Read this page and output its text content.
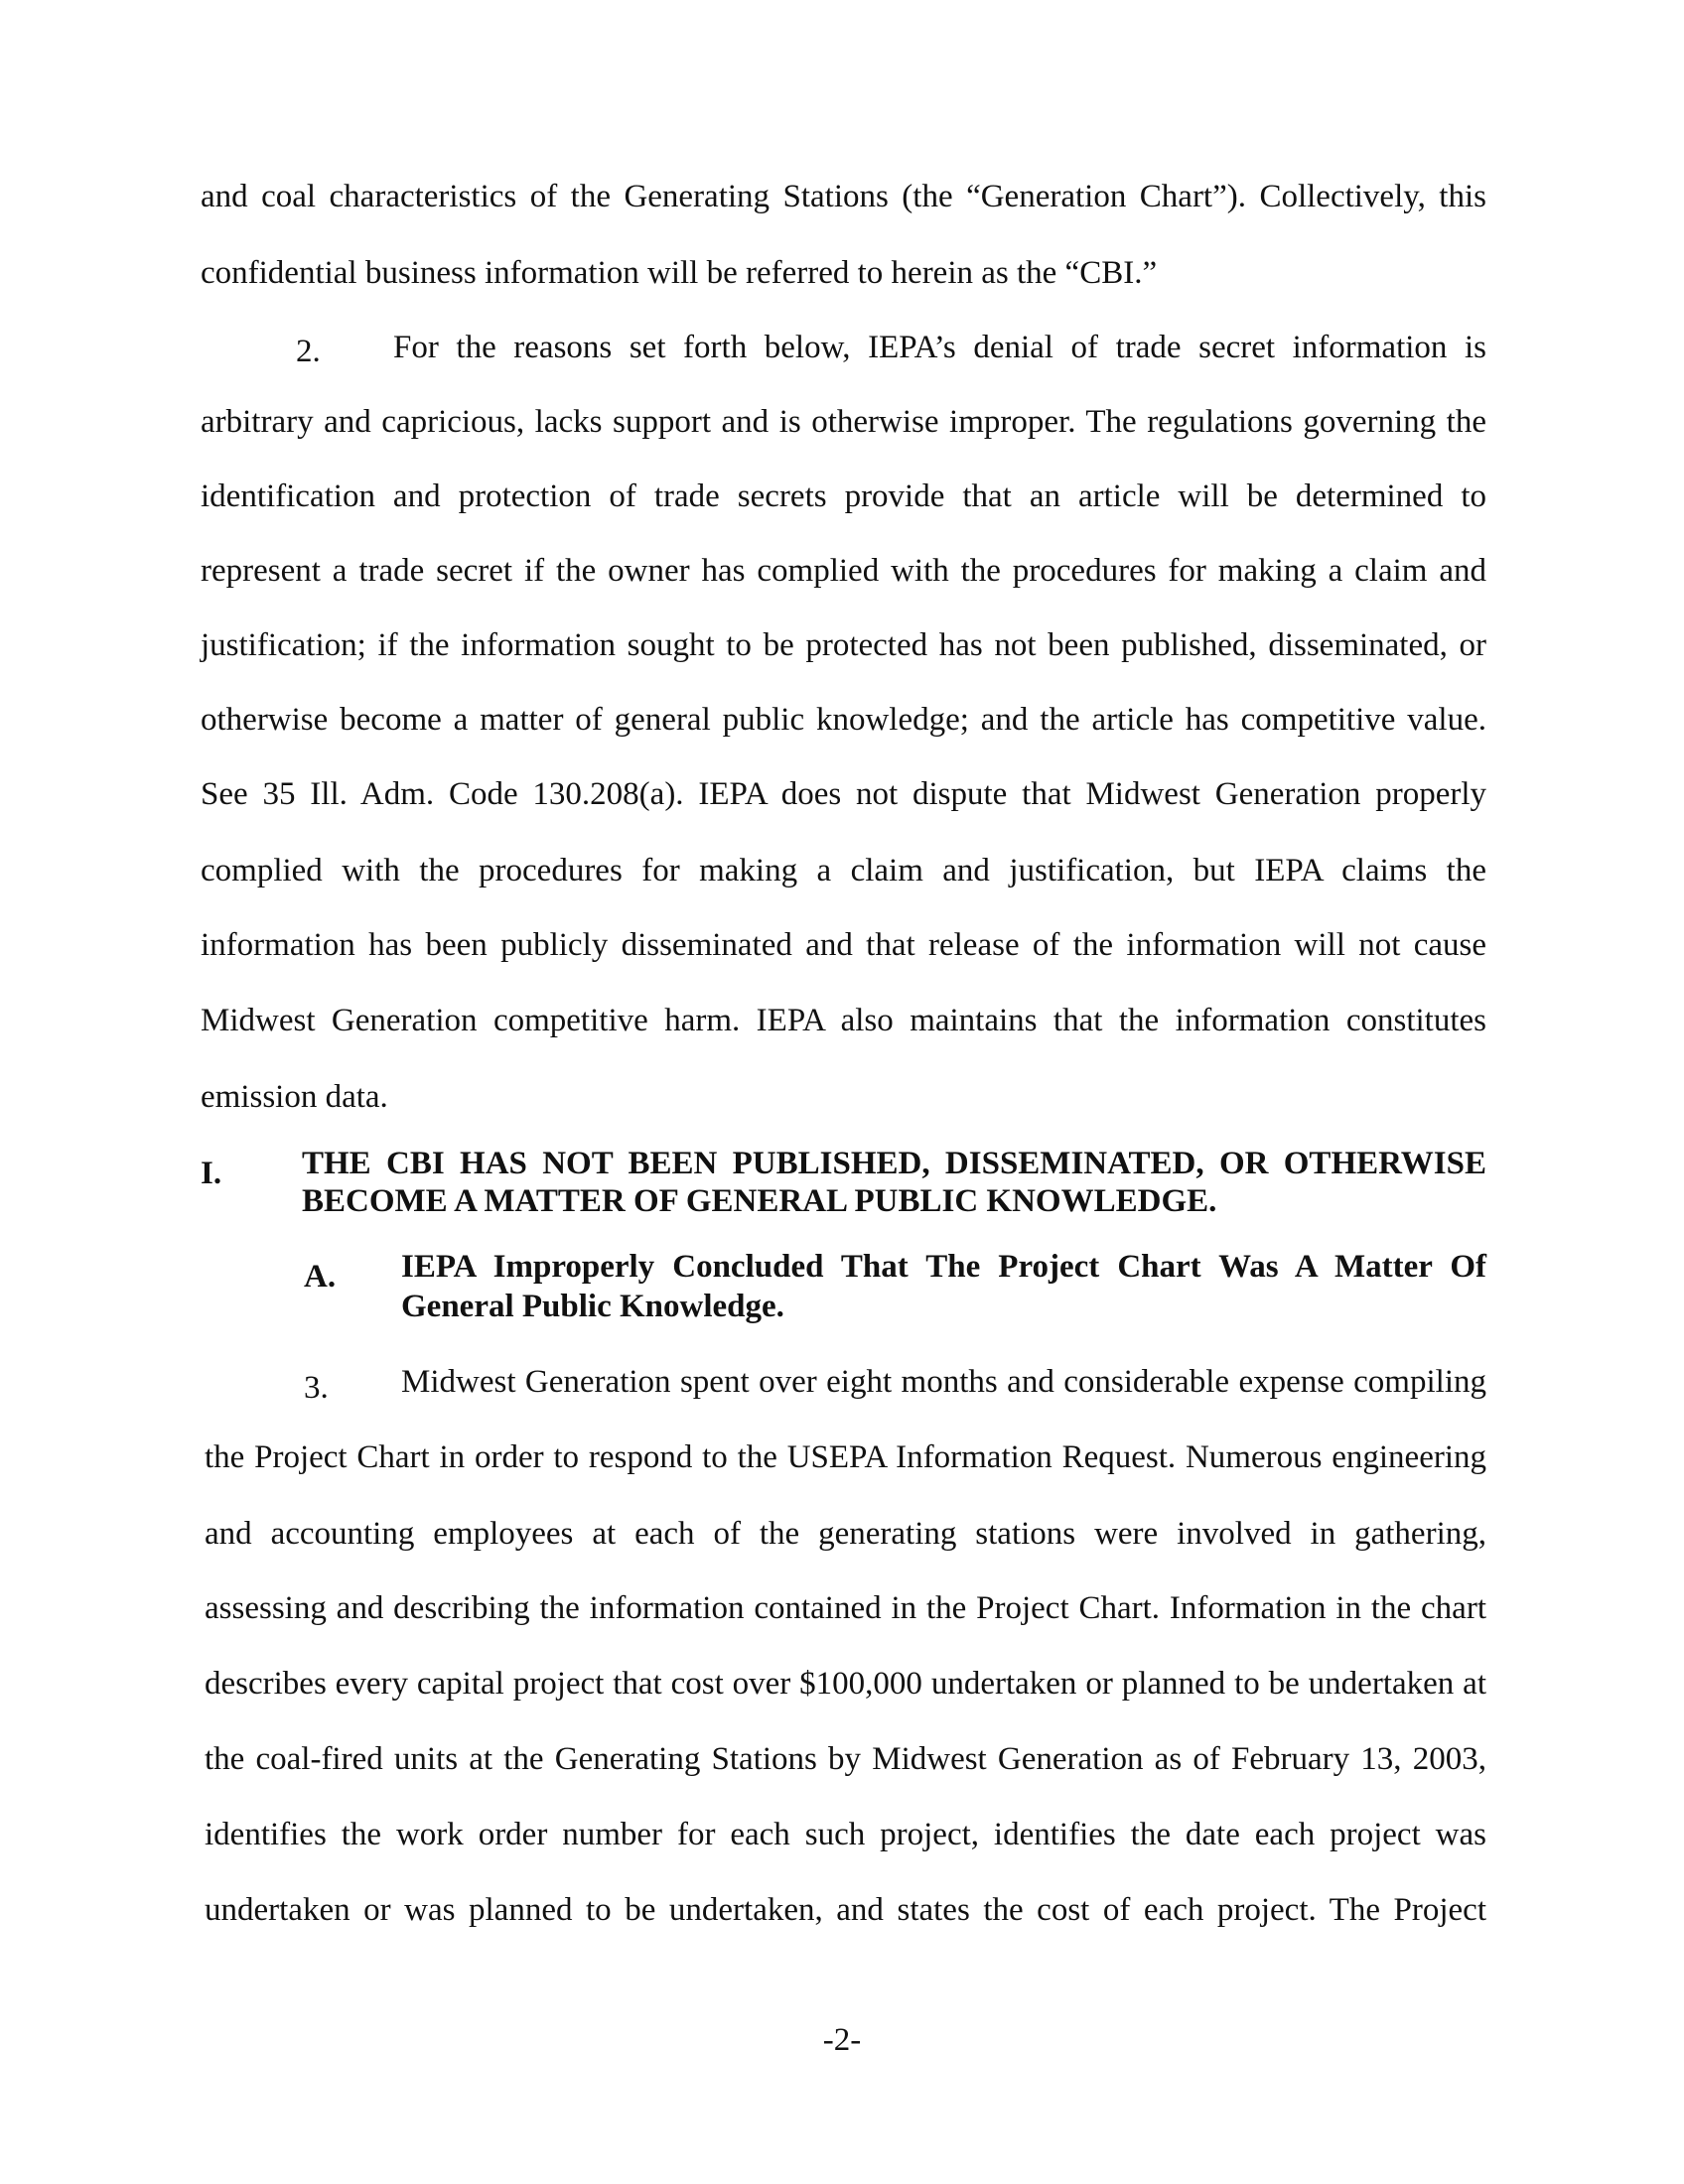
and coal characteristics of the Generating Stations (the “Generation Chart”). Collectively, this
confidential business information will be referred to herein as the “CBI.”
2. For the reasons set forth below, IEPA’s denial of trade secret information is
arbitrary and capricious, lacks support and is otherwise improper. The regulations governing the
identification and protection of trade secrets provide that an article will be determined to
represent a trade secret if the owner has complied with the procedures for making a claim and
justification; if the information sought to be protected has not been published, disseminated, or
otherwise become a matter of general public knowledge; and the article has competitive value.
See 35 Ill. Adm. Code 130.208(a). IEPA does not dispute that Midwest Generation properly
complied with the procedures for making a claim and justification, but IEPA claims the
information has been publicly disseminated and that release of the information will not cause
Midwest Generation competitive harm. IEPA also maintains that the information constitutes
emission data.
I. THE CBI HAS NOT BEEN PUBLISHED, DISSEMINATED, OR OTHERWISE
BECOME A MATTER OF GENERAL PUBLIC KNOWLEDGE.
A. IEPA Improperly Concluded That The Project Chart Was A Matter Of
General Public Knowledge.
3. Midwest Generation spent over eight months and considerable expense compiling
the Project Chart in order to respond to the USEPA Information Request. Numerous engineering
and accounting employees at each of the generating stations were involved in gathering,
assessing and describing the information contained in the Project Chart. Information in the chart
describes every capital project that cost over $100,000 undertaken or planned to be undertaken at
the coal-fired units at the Generating Stations by Midwest Generation as of February 13, 2003,
identifies the work order number for each such project, identifies the date each project was
undertaken or was planned to be undertaken, and states the cost of each project. The Project
-2-
